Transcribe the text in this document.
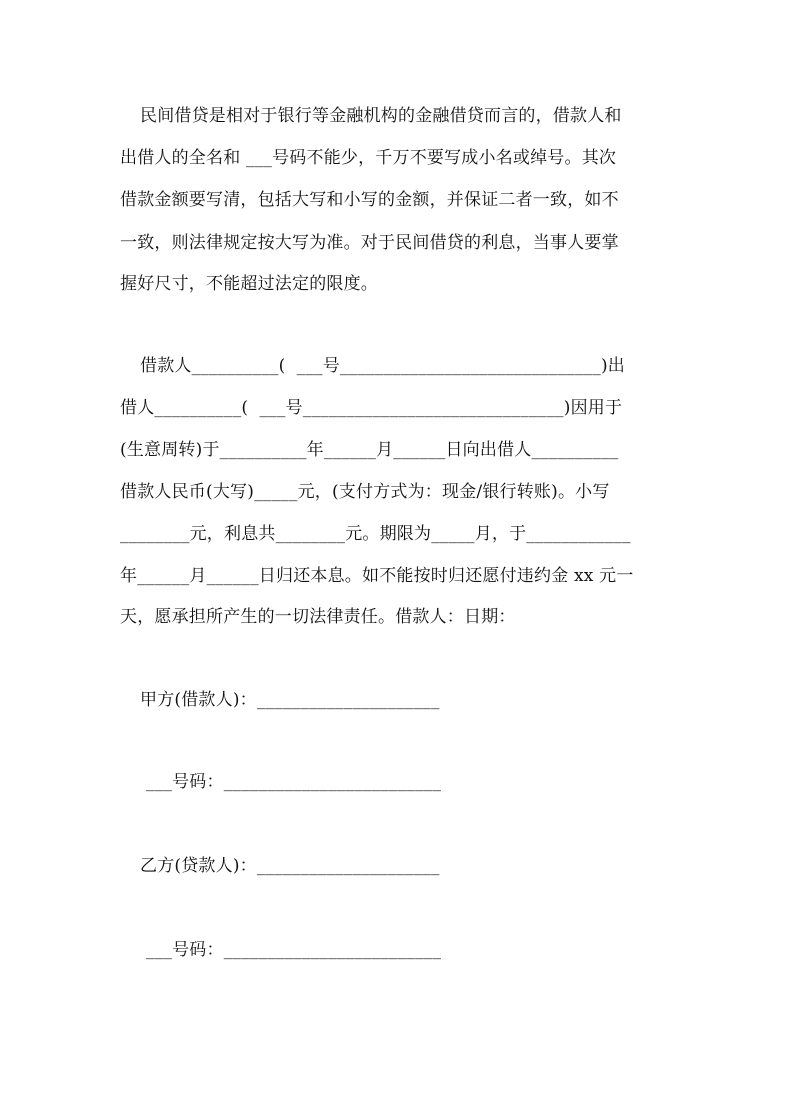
民间借贷是相对于银行等金融机构的金融借贷而言的，借款人和
出借人的全名和 ___号码不能少，千万不要写成小名或绰号。其次
借款金额要写清，包括大写和小写的金额，并保证二者一致，如不
一致，则法律规定按大写为准。对于民间借贷的利息，当事人要掌
握好尺寸，不能超过法定的限度。
借款人__________(  ___号______________________________)出
借人__________(  ___号______________________________)因用于
(生意周转)于__________年______月______日向出借人__________
借款人民币(大写)_____元，(支付方式为：现金/银行转账)。小写
________元，利息共________元。期限为_____月，于____________
年______月______日归还本息。如不能按时归还愿付违约金 xx 元一
天，愿承担所产生的一切法律责任。借款人：日期：
甲方(借款人)：_____________________
___号码：_________________________
乙方(贷款人)：_____________________
___号码：_________________________
